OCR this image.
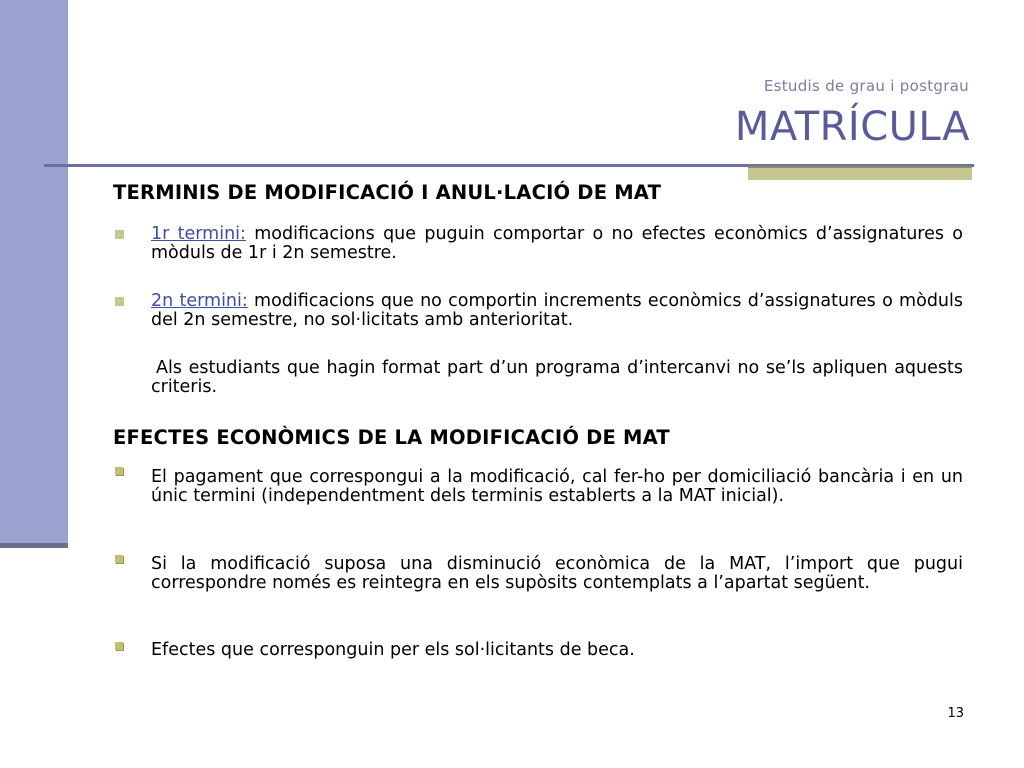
Estudis de grau i postgrau
MATRÍCULA
TERMINIS DE MODIFICACIÓ I ANUL·LACIÓ DE MAT
1r termini: modificacions que puguin comportar o no efectes econòmics d’assignatures o mòduls de 1r i 2n semestre.
2n termini: modificacions que no comportin increments econòmics d’assignatures o mòduls del 2n semestre, no sol·licitats amb anterioritat.
Als estudiants que hagin format part d’un programa d’intercanvi no se’ls apliquen aquests criteris.
EFECTES ECONÒMICS DE LA MODIFICACIÓ DE MAT
El pagament que correspongui a la modificació, cal fer-ho per domiciliació bancària i en un únic termini (independentment dels terminis establerts a la MAT inicial).
Si la modificació suposa una disminució econòmica de la MAT, l’import que pugui correspondre només es reintegra en els supòsits contemplats a l’apartat següent.
Efectes que corresponguin per els sol·licitants de beca.
13
